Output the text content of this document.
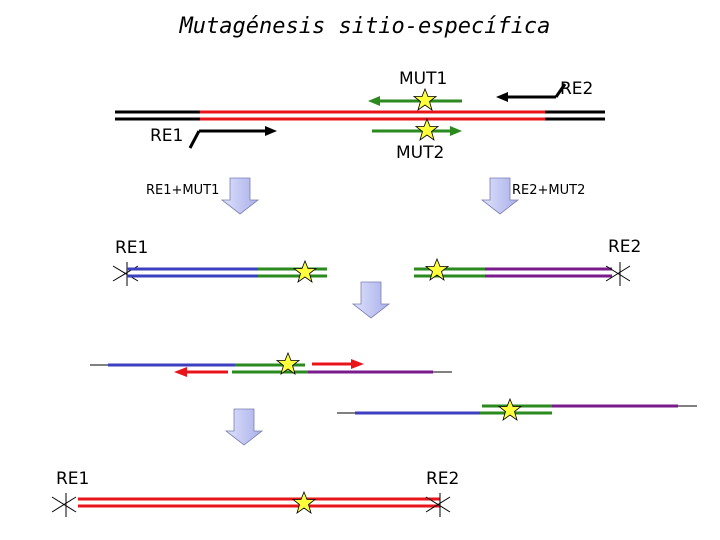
Mutagénesis sitio-específica
MUT1	RE2
RE1
MUT2
RE1+MUT1	RE2+MUT2
RE1	RE2
RE1	RE2
